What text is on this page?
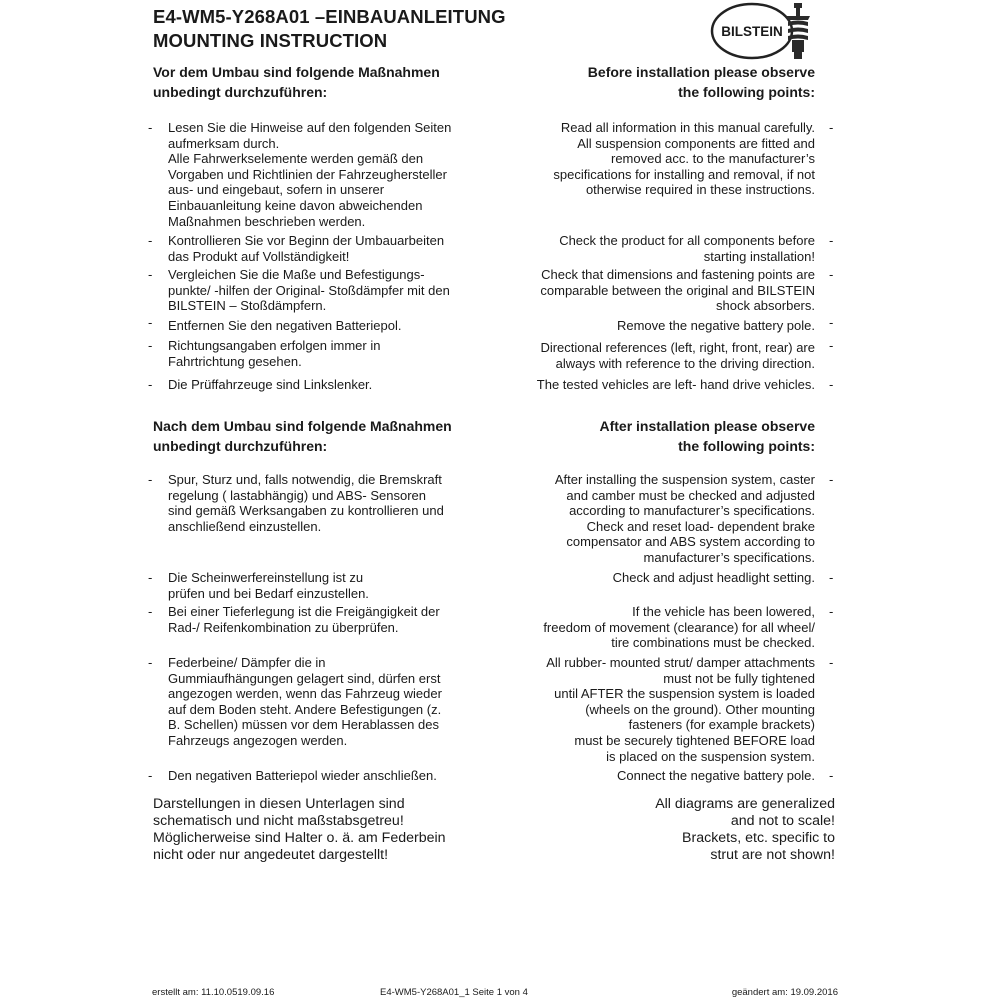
E4-WM5-Y268A01 –EINBAUANLEITUNG
MOUNTING INSTRUCTION	BILSTEIN
Vor dem Umbau sind folgende Maßnahmen
unbedingt durchzuführen:
Before installation please observe
the following points:
- Lesen Sie die Hinweise auf den folgenden Seiten
aufmerksam durch.
Alle Fahrwerkselemente werden gemäß den
Vorgaben und Richtlinien der Fahrzeughersteller
aus- und eingebaut, sofern in unserer
Einbauanleitung keine davon abweichenden
Maßnahmen beschrieben werden.
Read all information in this manual carefully.
All suspension components are fitted and
removed acc. to the manufacturer’s
specifications for installing and removal, if not
otherwise required in these instructions.
-
- Kontrollieren Sie vor Beginn der Umbauarbeiten
das Produkt auf Vollständigkeit!
Check the product for all components before
starting installation!
-
- Vergleichen Sie die Maße und Befestigungs-
punkte/ -hilfen der Original- Stoßdämpfer mit den
BILSTEIN – Stoßdämpfern.
Check that dimensions and fastening points are
comparable between the original and BILSTEIN
shock absorbers.
-
- Entfernen Sie den negativen Batteriepol.	Remove the negative battery pole. -
- Richtungsangaben erfolgen immer in
Fahrtrichtung gesehen.
Directional references (left, right, front, rear) are
always with reference to the driving direction.
-
- Die Prüffahrzeuge sind Linkslenker.	The tested vehicles are left- hand drive vehicles. -
Nach dem Umbau sind folgende Maßnahmen
unbedingt durchzuführen:
After installation please observe
the following points:
- Spur, Sturz und, falls notwendig, die Bremskraft
regelung ( lastabhängig) und ABS- Sensoren
sind gemäß Werksangaben zu kontrollieren und
anschließend einzustellen.
After installing the suspension system, caster
and camber must be checked and adjusted
according to manufacturer’s specifications.
Check and reset load- dependent brake
compensator and ABS system according to
manufacturer’s specifications.
-
- Die Scheinwerfereinstellung ist zu
prüfen und bei Bedarf einzustellen.
Check and adjust headlight setting. -
- Bei einer Tieferlegung ist die Freigängigkeit der
Rad-/ Reifenkombination zu überprüfen.
If the vehicle has been lowered,
freedom of movement (clearance) for all wheel/
tire combinations must be checked.
-
- Federbeine/ Dämpfer die in
Gummiaufhängungen gelagert sind, dürfen erst
angezogen werden, wenn das Fahrzeug wieder
auf dem Boden steht. Andere Befestigungen (z.
B. Schellen) müssen vor dem Herablassen des
Fahrzeugs angezogen werden.
All rubber- mounted strut/ damper attachments
must not be fully tightened
until AFTER the suspension system is loaded
(wheels on the ground). Other mounting
fasteners (for example brackets)
must be securely tightened BEFORE load
is placed on the suspension system.
-
- Den negativen Batteriepol wieder anschließen.	Connect the negative battery pole. -
Darstellungen in diesen Unterlagen sind
schematisch und nicht maßstabsgetreu!
Möglicherweise sind Halter o. ä. am Federbein
nicht oder nur angedeutet dargestellt!
All diagrams are generalized
and not to scale!
Brackets, etc. specific to
strut are not shown!
erstellt am: 11.10.0519.09.16	E4-WM5-Y268A01_1 Seite 1 von 4	geändert am: 19.09.2016
